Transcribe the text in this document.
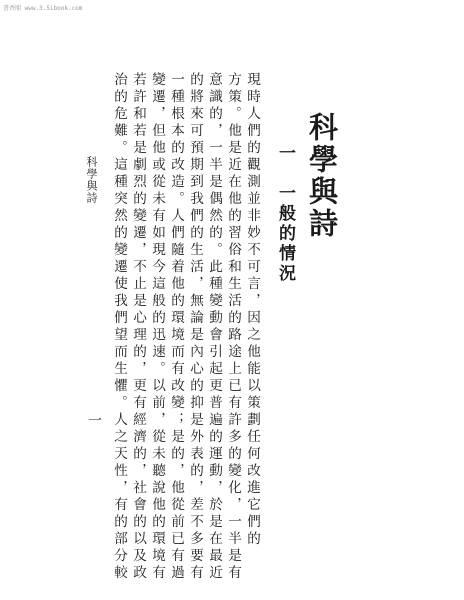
書香閣 www.3.5ibook.com
科學與詩
一　一般的情況
現時人們的觀測並非妙不可言，因之他能以策劃任何改進它們的
方策。他是近在他的習俗和生活的路途上已有許多的變化，一半是有
意識的，一半是偶然的。此種變動會引起更普遍的運動，於是在最近
的將來可預期到我們的生活，無論是內心的抑是外表的，差不多要有
一種根本的改造。人們隨着他的環境而有改變；是的，他從前已有過
變遷，但他或從未有如現今這般的迅速。以前，從未聽說他的環境有
若許和若是劇烈的變遷，不止是心理的，更有經濟的，社會的以及政
治的危難。這種突然的變遷使我們望而生懼。人之天性，有的部分較
科學與詩
一
